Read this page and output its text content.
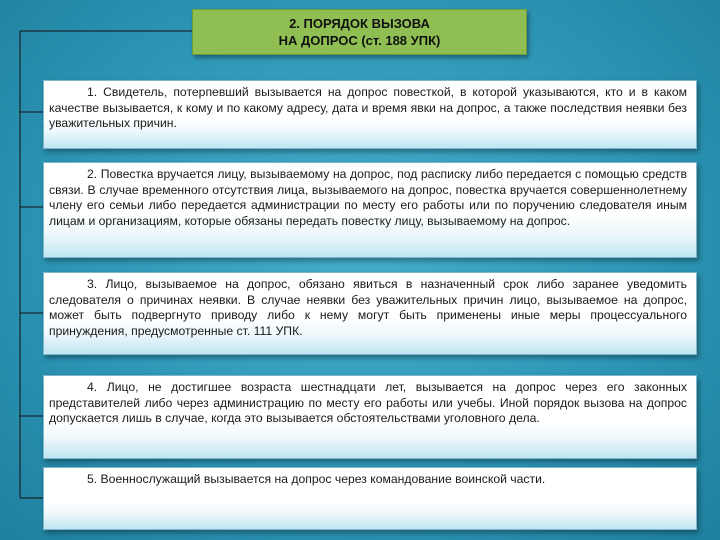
2. ПОРЯДОК ВЫЗОВА
НА ДОПРОС (ст. 188 УПК)
1. Свидетель, потерпевший вызывается на допрос повесткой, в которой указываются, кто и в каком качестве вызывается, к кому и по какому адресу, дата и время явки на допрос, а также последствия неявки без уважительных причин.
2. Повестка вручается лицу, вызываемому на допрос, под расписку либо передается с помощью средств связи. В случае временного отсутствия лица, вызываемого на допрос, повестка вручается совершеннолетнему члену его семьи либо передается администрации по месту его работы или по поручению следователя иным лицам и организациям, которые обязаны передать повестку лицу, вызываемому на допрос.
3. Лицо, вызываемое на допрос, обязано явиться в назначенный срок либо заранее уведомить следователя о причинах неявки. В случае неявки без уважительных причин лицо, вызываемое на допрос, может быть подвергнуто приводу либо к нему могут быть применены иные меры процессуального принуждения, предусмотренные ст. 111 УПК.
4. Лицо, не достигшее возраста шестнадцати лет, вызывается на допрос через его законных представителей либо через администрацию по месту его работы или учебы. Иной порядок вызова на допрос допускается лишь в случае, когда это вызывается обстоятельствами уголовного дела.
5. Военнослужащий вызывается на допрос через командование воинской части.
